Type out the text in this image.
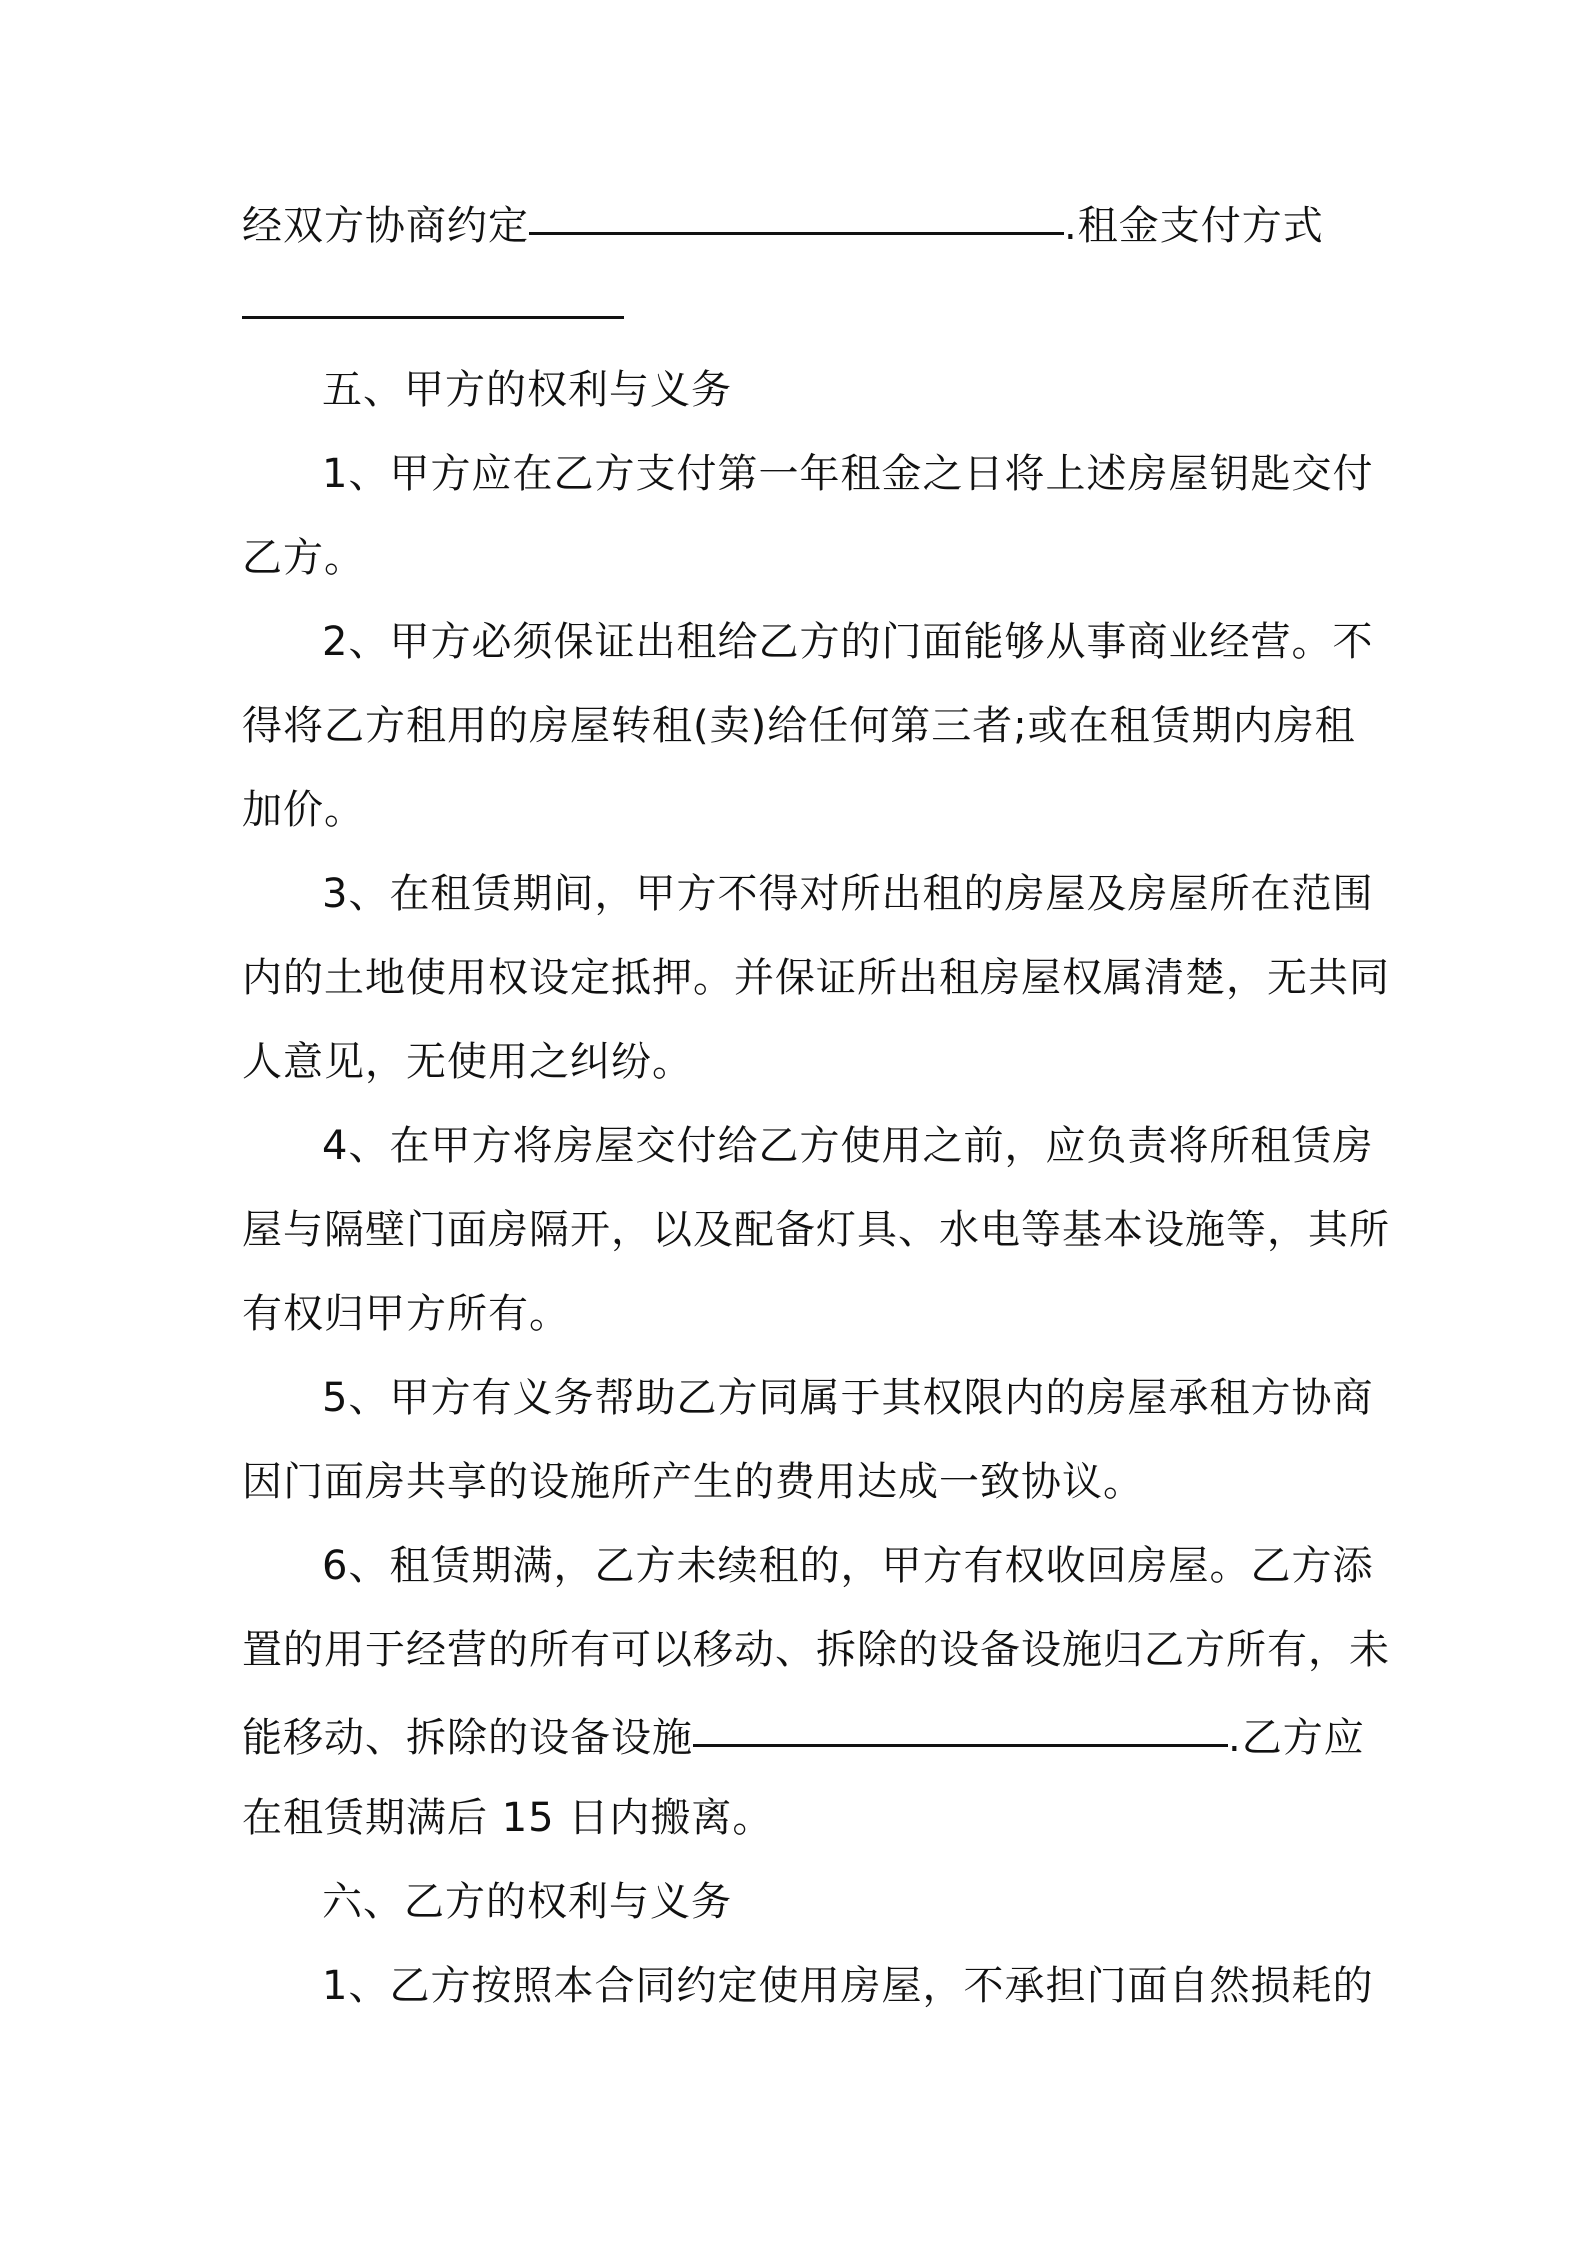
经双方协商约定	.租金支付方式
五、甲方的权利与义务
1、甲方应在乙方支付第一年租金之日将上述房屋钥匙交付
乙方。
2、甲方必须保证出租给乙方的门面能够从事商业经营。不
得将乙方租用的房屋转租(卖)给任何第三者;或在租赁期内房租
加价。
3、在租赁期间，甲方不得对所出租的房屋及房屋所在范围
内的土地使用权设定抵押。并保证所出租房屋权属清楚，无共同
人意见，无使用之纠纷。
4、在甲方将房屋交付给乙方使用之前，应负责将所租赁房
屋与隔壁门面房隔开，以及配备灯具、水电等基本设施等，其所
有权归甲方所有。
5、甲方有义务帮助乙方同属于其权限内的房屋承租方协商
因门面房共享的设施所产生的费用达成一致协议。
6、租赁期满，乙方未续租的，甲方有权收回房屋。乙方添
置的用于经营的所有可以移动、拆除的设备设施归乙方所有，未
能移动、拆除的设备设施	.乙方应
在租赁期满后 15 日内搬离。
六、乙方的权利与义务
1、乙方按照本合同约定使用房屋，不承担门面自然损耗的
